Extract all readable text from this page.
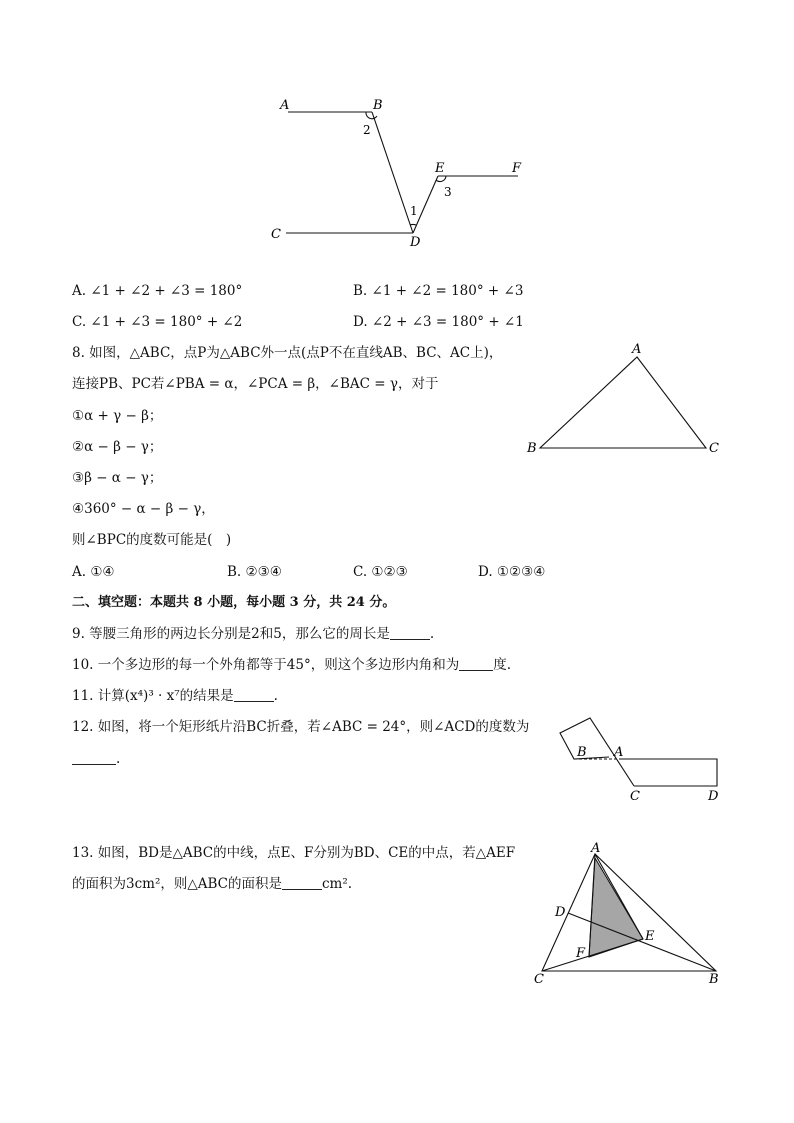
A	B
C
D
E	F
2
1
3
A. ∠1 + ∠2 + ∠3 = 180°	B. ∠1 + ∠2 = 180° + ∠3
C. ∠1 + ∠3 = 180° + ∠2	D. ∠2 + ∠3 = 180° + ∠1
8. 如图，△ABC，点P为△ABC外一点(点P不在直线AB、BC、AC上)，
连接PB、PC若∠PBA = α，∠PCA = β，∠BAC = γ，对于
①α + γ − β；
②α − β − γ；
③β − α − γ；
④360° − α − β − γ，
则∠BPC的度数可能是(　)
A. ①④	B. ②③④	C. ①②③	D. ①②③④
A
B	C
二、填空题：本题共 8 小题，每小题 3 分，共 24 分。
9. 等腰三角形的两边长分别是2和5，那么它的周长是	.
10. 一个多边形的每一个外角都等于45°，则这个多边形内角和为	度.
11. 计算(x⁴)³ · x⁷的结果是	.
12. 如图，将一个矩形纸片沿BC折叠，若∠ABC = 24°，则∠ACD的度数为
.	B A
C	D
13. 如图，BD是△ABC的中线，点E、F分别为BD、CE的中点，若△AEF
的面积为3cm²，则△ABC的面积是	cm².
A
D
E
F
C	B
